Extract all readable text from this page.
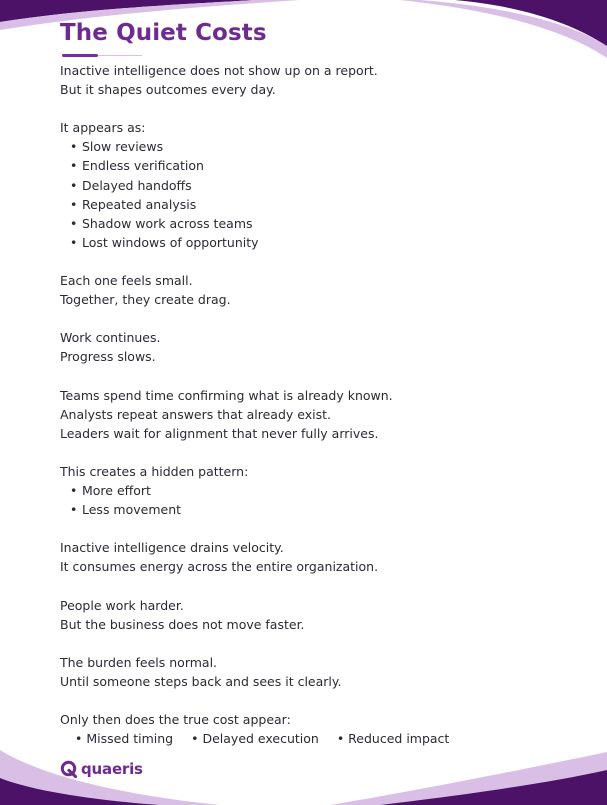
The Quiet Costs

Inactive intelligence does not show up on a report.

But it shapes outcomes every day.

It appears as:

• Slow reviews
• Endless verification
• Delayed handoffs
• Repeated analysis
• Shadow work across teams
• Lost windows of opportunity

Each one feels small.

Together, they create drag.

Work continues.

Progress slows.

Teams spend time confirming what is already known.

Analysts repeat answers that already exist.

Leaders wait for alignment that never fully arrives.

This creates a hidden pattern:

• More effort
• Less movement

Inactive intelligence drains velocity.

It consumes energy across the entire organization.

People work harder.

But the business does not move faster.

The burden feels normal.

Until someone steps back and sees it clearly.

Only then does the true cost appear:

• Missed timing • Delayed execution • Reduced impact

quaeris
